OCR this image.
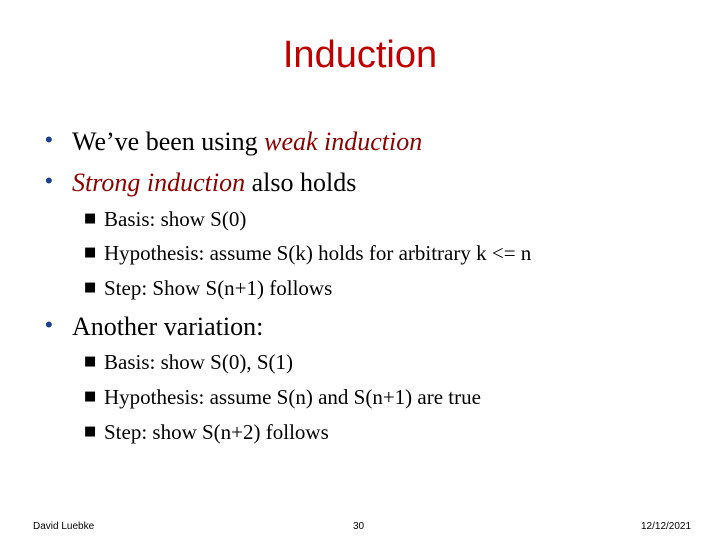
Induction
• We’ve been using weak induction
• Strong induction also holds
■ Basis: show S(0)
■ Hypothesis: assume S(k) holds for arbitrary k <= n
■ Step: Show S(n+1) follows
• Another variation:
■ Basis: show S(0), S(1)
■ Hypothesis: assume S(n) and S(n+1) are true
■ Step: show S(n+2) follows
David Luebke	30	12/12/2021
